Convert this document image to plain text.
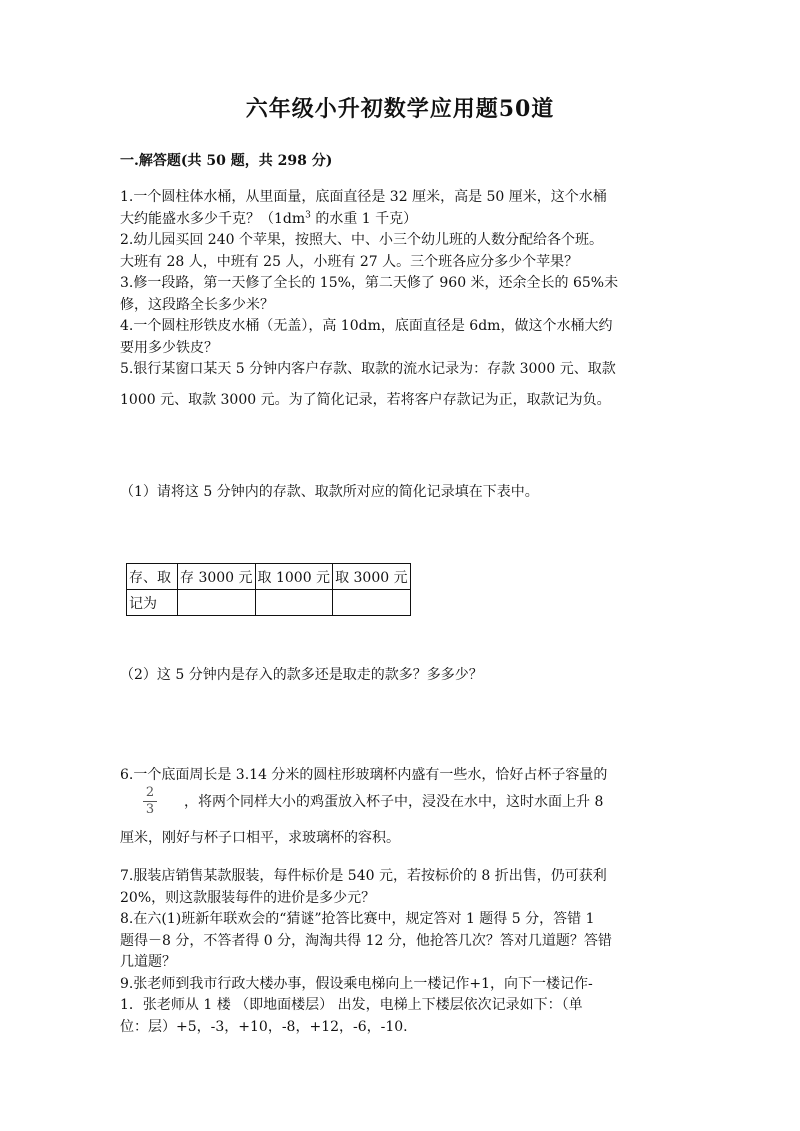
六年级小升初数学应用题50道
一.解答题(共 50 题，共 298 分)
1.一个圆柱体水桶，从里面量，底面直径是 32 厘米，高是 50 厘米，这个水桶
大约能盛水多少千克？（$1dm^3$ 的水重 1 千克）
2.幼儿园买回 240 个苹果，按照大、中、小三个幼儿班的人数分配给各个班。
大班有 28 人，中班有 25 人，小班有 27 人。三个班各应分多少个苹果？
3.修一段路，第一天修了全长的 15%，第二天修了 960 米，还余全长的 65%未
修，这段路全长多少米？
4.一个圆柱形铁皮水桶（无盖），高 10dm，底面直径是 6dm，做这个水桶大约
要用多少铁皮？
5.银行某窗口某天 5 分钟内客户存款、取款的流水记录为：存款 3000 元、取款
1000 元、取款 3000 元。为了简化记录，若将客户存款记为正，取款记为负。
（1）请将这 5 分钟内的存款、取款所对应的简化记录填在下表中。
存、取	存 3000 元	取 1000 元	取 3000 元
记为			
（2）这 5 分钟内是存入的款多还是取走的款多？多多少？
6.一个底面周长是 3.14 分米的圆柱形玻璃杯内盛有一些水，恰好占杯子容量的
2
3 ，将两个同样大小的鸡蛋放入杯子中，浸没在水中，这时水面上升 8
厘米，刚好与杯子口相平，求玻璃杯的容积。
7.服装店销售某款服装，每件标价是 540 元，若按标价的 8 折出售，仍可获利
20%，则这款服装每件的进价是多少元？
8.在六(1)班新年联欢会的“猜谜”抢答比赛中，规定答对 1 题得 5 分，答错 1
题得－8 分，不答者得 0 分，淘淘共得 12 分，他抢答几次？答对几道题？答错
几道题？
9.张老师到我市行政大楼办事，假设乘电梯向上一楼记作+1，向下一楼记作-
1．张老师从 1 楼 （即地面楼层） 出发，电梯上下楼层依次记录如下：（单
位：层）+5，-3，+10，-8，+12，-6，-10.
